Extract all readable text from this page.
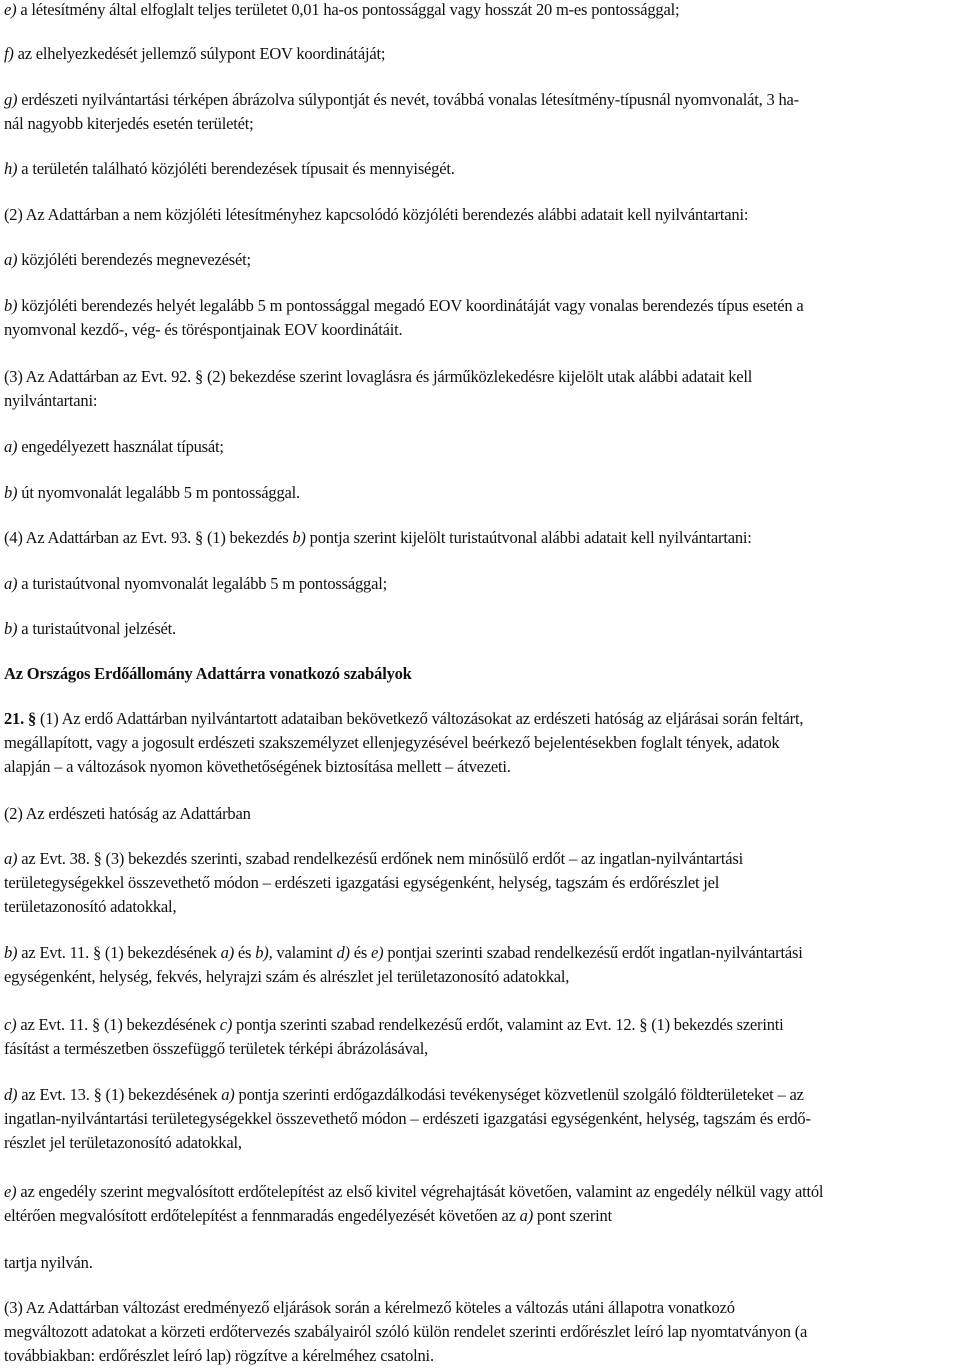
e) a létesítmény által elfoglalt teljes területet 0,01 ha-os pontossággal vagy hosszát 20 m-es pontossággal;

f) az elhelyezkedését jellemző súlypont EOV koordinátáját;

g) erdészeti nyilvántartási térképen ábrázolva súlypontját és nevét, továbbá vonalas létesítmény-típusnál nyomvonalát, 3 ha-
nál nagyobb kiterjedés esetén területét;

h) a területén található közjóléti berendezések típusait és mennyiségét.

(2) Az Adattárban a nem közjóléti létesítményhez kapcsolódó közjóléti berendezés alábbi adatait kell nyilvántartani:

a) közjóléti berendezés megnevezését;

b) közjóléti berendezés helyét legalább 5 m pontossággal megadó EOV koordinátáját vagy vonalas berendezés típus esetén a
nyomvonal kezdő-, vég- és töréspontjainak EOV koordinátáit.

(3) Az Adattárban az Evt. 92. § (2) bekezdése szerint lovaglásra és járműközlekedésre kijelölt utak alábbi adatait kell
nyilvántartani:

a) engedélyezett használat típusát;

b) út nyomvonalát legalább 5 m pontossággal.

(4) Az Adattárban az Evt. 93. § (1) bekezdés b) pontja szerint kijelölt turistaútvonal alábbi adatait kell nyilvántartani:

a) a turistaútvonal nyomvonalát legalább 5 m pontossággal;

b) a turistaútvonal jelzését.

Az Országos Erdőállomány Adattárra vonatkozó szabályok

21. § (1) Az erdő Adattárban nyilvántartott adataiban bekövetkező változásokat az erdészeti hatóság az eljárásai során feltárt,
megállapított, vagy a jogosult erdészeti szakszemélyzet ellenjegyzésével beérkező bejelentésekben foglalt tények, adatok
alapján – a változások nyomon követhetőségének biztosítása mellett – átvezeti.

(2) Az erdészeti hatóság az Adattárban

a) az Evt. 38. § (3) bekezdés szerinti, szabad rendelkezésű erdőnek nem minősülő erdőt – az ingatlan-nyilvántartási
területegységekkel összevethető módon – erdészeti igazgatási egységenként, helység, tagszám és erdőrészlet jel
területazonosító adatokkal,

b) az Evt. 11. § (1) bekezdésének a) és b), valamint d) és e) pontjai szerinti szabad rendelkezésű erdőt ingatlan-nyilvántartási
egységenként, helység, fekvés, helyrajzi szám és alrészlet jel területazonosító adatokkal,

c) az Evt. 11. § (1) bekezdésének c) pontja szerinti szabad rendelkezésű erdőt, valamint az Evt. 12. § (1) bekezdés szerinti
fásítást a természetben összefüggő területek térképi ábrázolásával,

d) az Evt. 13. § (1) bekezdésének a) pontja szerinti erdőgazdálkodási tevékenységet közvetlenül szolgáló földterületeket – az
ingatlan-nyilvántartási területegységekkel összevethető módon – erdészeti igazgatási egységenként, helység, tagszám és erdő-
részlet jel területazonosító adatokkal,

e) az engedély szerint megvalósított erdőtelepítést az első kivitel végrehajtását követően, valamint az engedély nélkül vagy attól
eltérően megvalósított erdőtelepítést a fennmaradás engedélyezését követően az a) pont szerint

tartja nyilván.

(3) Az Adattárban változást eredményező eljárások során a kérelmező köteles a változás utáni állapotra vonatkozó
megváltozott adatokat a körzeti erdőtervezés szabályairól szóló külön rendelet szerinti erdőrészlet leíró lap nyomtatványon (a
továbbiakban: erdőrészlet leíró lap) rögzítve a kérelméhez csatolni.
